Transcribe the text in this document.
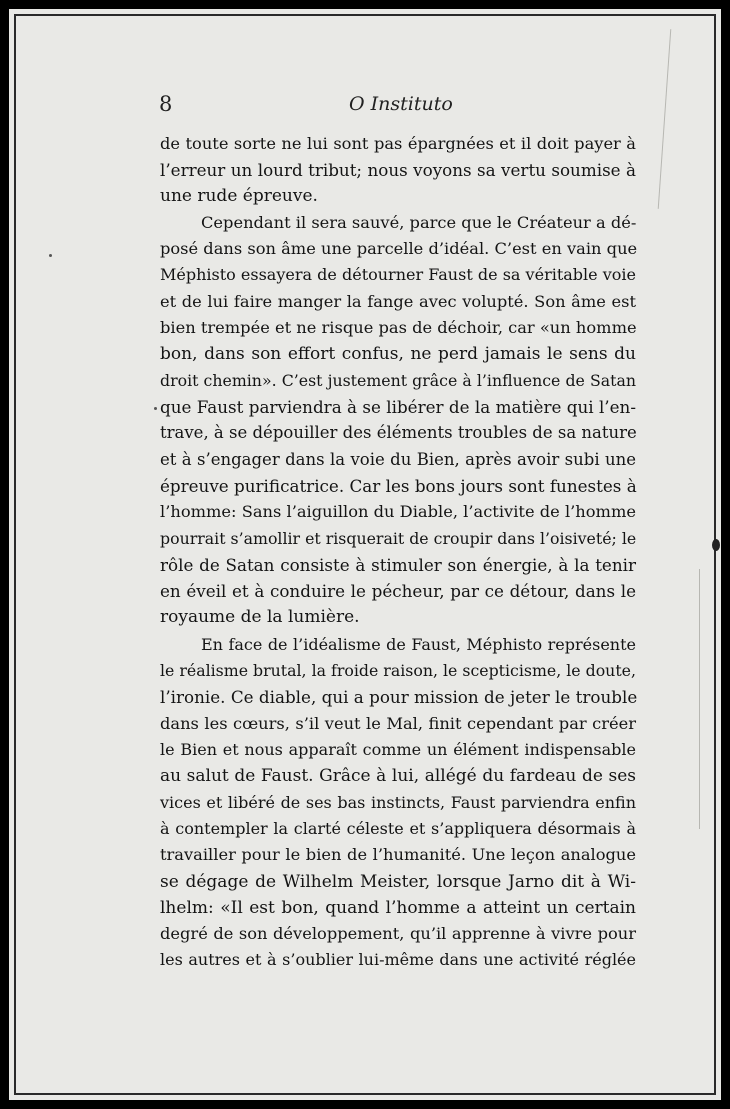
8	O Instituto
de toute sorte ne lui sont pas épargnées et il doit payer à
l’erreur un lourd tribut; nous voyons sa vertu soumise à
une rude épreuve.
Cependant il sera sauvé, parce que le Créateur a dé-
posé dans son âme une parcelle d’idéal. C’est en vain que
Méphisto essayera de détourner Faust de sa véritable voie
et de lui faire manger la fange avec volupté. Son âme est
bien trempée et ne risque pas de déchoir, car «un homme
bon, dans son effort confus, ne perd jamais le sens du
droit chemin». C’est justement grâce à l’influence de Satan
que Faust parviendra à se libérer de la matière qui l’en-
trave, à se dépouiller des éléments troubles de sa nature
et à s’engager dans la voie du Bien, après avoir subi une
épreuve purificatrice. Car les bons jours sont funestes à
l’homme: Sans l’aiguillon du Diable, l’activite de l’homme
pourrait s’amollir et risquerait de croupir dans l’oisiveté; le
rôle de Satan consiste à stimuler son énergie, à la tenir
en éveil et à conduire le pécheur, par ce détour, dans le
royaume de la lumière.
En face de l’idéalisme de Faust, Méphisto représente
le réalisme brutal, la froide raison, le scepticisme, le doute,
l’ironie. Ce diable, qui a pour mission de jeter le trouble
dans les cœurs, s’il veut le Mal, finit cependant par créer
le Bien et nous apparaît comme un élément indispensable
au salut de Faust. Grâce à lui, allégé du fardeau de ses
vices et libéré de ses bas instincts, Faust parviendra enfin
à contempler la clarté céleste et s’appliquera désormais à
travailler pour le bien de l’humanité. Une leçon analogue
se dégage de Wilhelm Meister, lorsque Jarno dit à Wi-
lhelm: «Il est bon, quand l’homme a atteint un certain
degré de son développement, qu’il apprenne à vivre pour
les autres et à s’oublier lui-même dans une activité réglée
